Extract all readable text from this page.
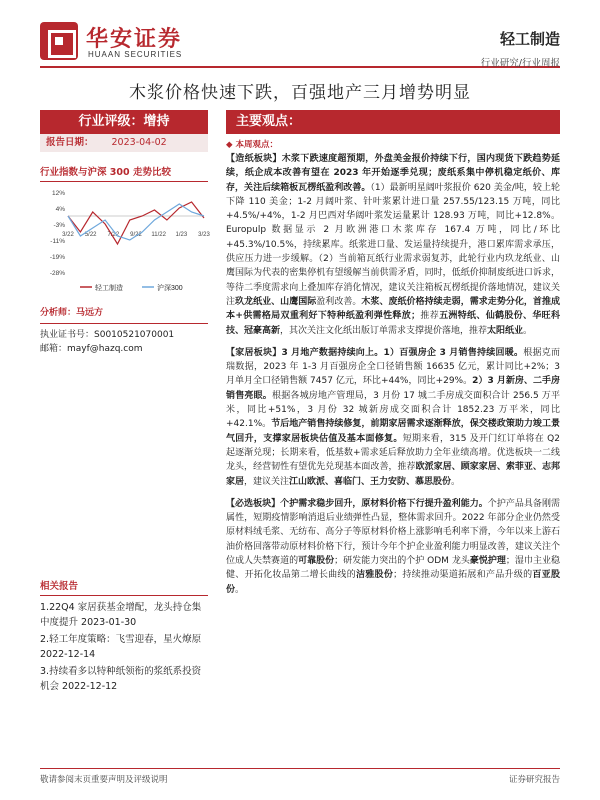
华安证券
HUAAN SECURITIES
轻工制造
行业研究/行业周报
木浆价格快速下跌，百强地产三月增势明显
行业评级：增持
报告日期： 2023-04-02
行业指数与沪深 300 走势比较
12%
4%
-3%
-11%
-19%
-28%
3/22 5/22 7/22 9/22 11/22 1/23 3/23
轻工制造	沪深300
分析师：马远方
执业证书号：S0010521070001
邮箱：mayf@hazq.com
相关报告
1.22Q4 家居获基金增配，龙头持仓集中度提升 2023-01-30
2.轻工年度策略：飞雪迎春，星火燎原 2022-12-14
3.持续看多以特种纸领衔的浆纸系投资机会 2022-12-12
主要观点：
◆ 本周观点：

【造纸板块】木浆下跌速度超预期，外盘美金报价持续下行，国内现货下跌趋势延续，纸企成本改善有望在 2023 年开始逐季兑现；废纸系集中停机稳定纸价、库存，关注后续箱板瓦楞纸盈利改善。（1）最新明星阔叶浆报价 620 美金/吨，较上轮下降 110 美金；1-2 月阔叶浆、针叶浆累计进口量 257.55/123.15 万吨，同比+4.5%/+4%，1-2 月巴西对华阔叶浆发运量累计 128.93 万吨，同比+12.8%。Europulp 数据显示 2 月欧洲港口木浆库存 167.4 万吨，同比/环比+45.3%/10.5%，持续累库。纸浆进口量、发运量持续提升，港口累库需求承压，供应压力进一步缓解。（2）当前箱瓦纸行业需求弱复苏，此轮行业内玖龙纸业、山鹰国际为代表的密集停机有望缓解当前供需矛盾，同时，低纸价抑制废纸进口诉求，等待二季度需求向上叠加库存消化情况，建议关注箱板瓦楞纸提价落地情况，建议关注玖龙纸业、山鹰国际盈利改善。木浆、废纸价格持续走弱，需求走势分化，首推成本+供需格局双重利好下特种纸盈利弹性释放；推荐五洲特纸、仙鹤股份、华旺科技、冠豪高新，其次关注文化纸出版订单需求支撑提价落地，推荐太阳纸业。

【家居板块】3 月地产数据持续向上。1）百强房企 3 月销售持续回暖。根据克而瑞数据，2023 年 1-3 月百强房企全口径销售额 16635 亿元，累计同比+2%；3 月单月全口径销售额 7457 亿元，环比+44%，同比+29%。2）3 月新房、二手房销售亮眼。根据各城房地产管理局，3 月份 17 城二手房成交面积合计 256.5 万平米，同比+51%，3 月份 32 城新房成交面积合计 1852.23 万平米，同比+42.1%。节后地产销售持续修复，前期家居需求逐渐释放，保交楼政策助力竣工景气回升，支撑家居板块估值及基本面修复。短期来看，315 及开门红订单将在 Q2 起逐渐兑现；长期来看，低基数+需求延后释放助力全年业绩高增。优选板块一二线龙头，经营韧性有望优先兑现基本面改善，推荐欧派家居、顾家家居、索菲亚、志邦家居，建议关注江山欧派、喜临门、王力安防、慕思股份。

【必选板块】个护需求稳步回升，原材料价格下行提升盈利能力。个护产品具备刚需属性，短期疫情影响消退后业绩弹性凸显，整体需求回升。2022 年部分企业仍然受原材料绒毛浆、无纺布、高分子等原材料价格上涨影响毛利率下滑，今年以来上游石油价格回落带动原材料价格下行，预计今年个护企业盈利能力明显改善，建议关注个位成人失禁赛道的可靠股份；研发能力突出的个护 ODM 龙头豪悦护理；湿巾主业稳健、开拓化妆品第二增长曲线的洁雅股份；持续推动渠道拓展和产品升级的百亚股份。

敬请参阅末页重要声明及评级说明	证券研究报告
